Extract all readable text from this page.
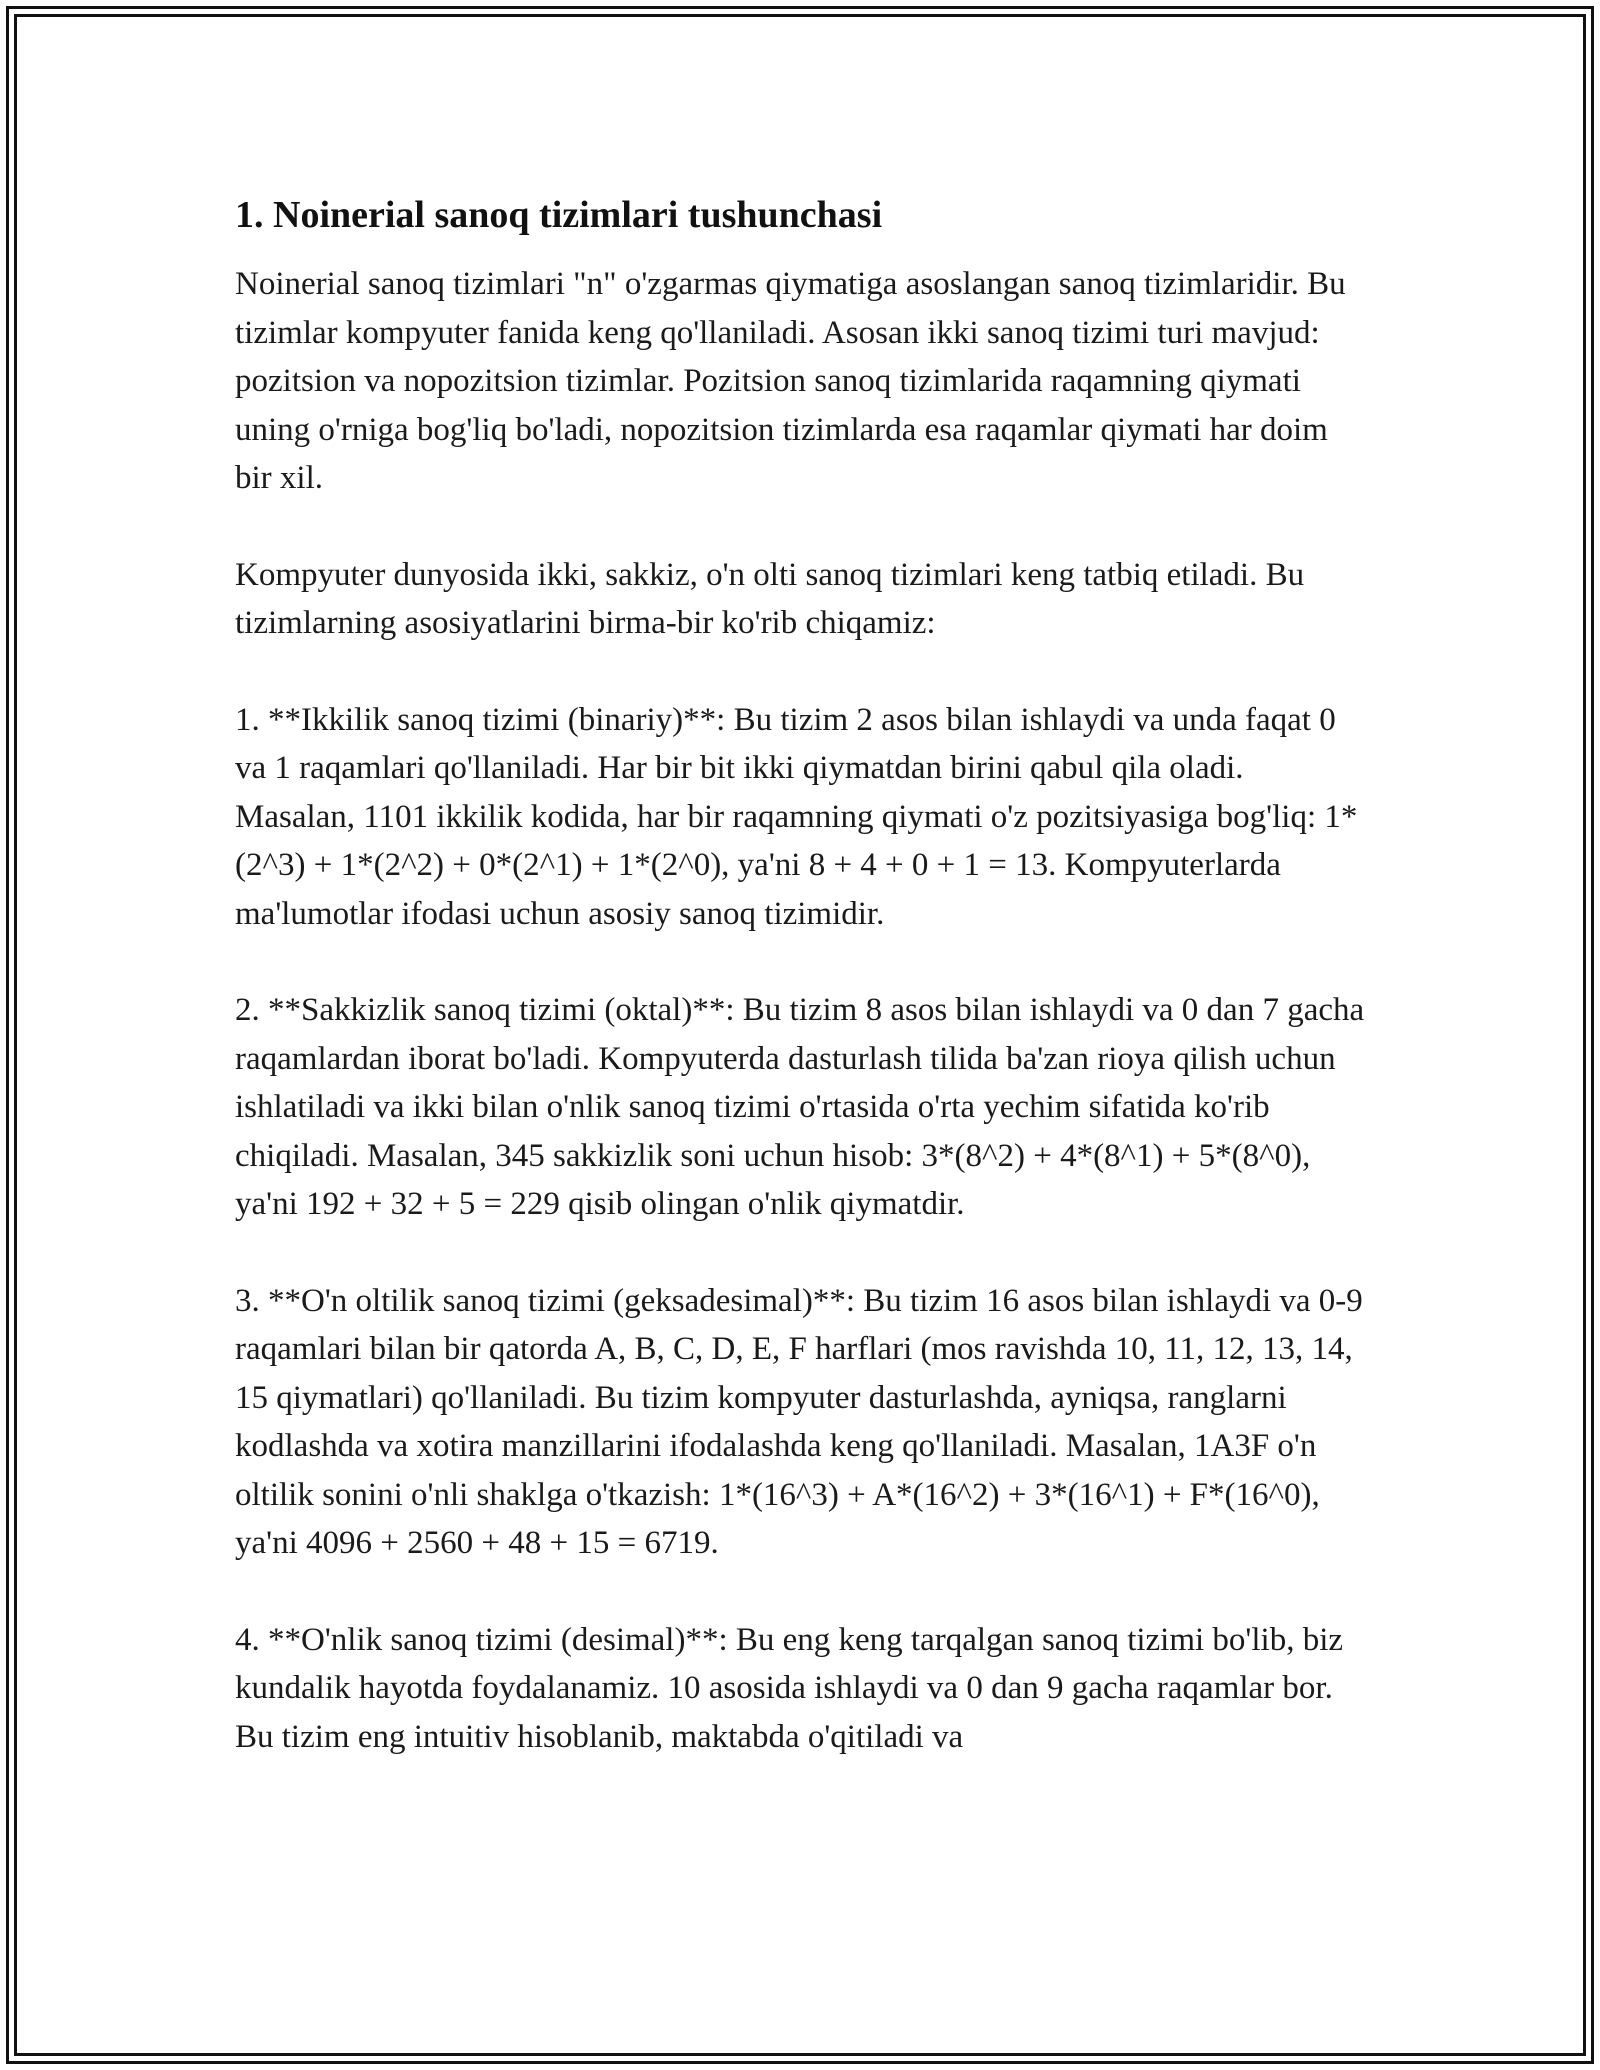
1. Noinerial sanoq tizimlari tushunchasi

Noinerial sanoq tizimlari "n" o'zgarmas qiymatiga asoslangan sanoq tizimlaridir. Bu tizimlar kompyuter fanida keng qo'llaniladi. Asosan ikki sanoq tizimi turi mavjud: pozitsion va nopozitsion tizimlar. Pozitsion sanoq tizimlarida raqamning qiymati uning o'rniga bog'liq bo'ladi, nopozitsion tizimlarda esa raqamlar qiymati har doim bir xil.

Kompyuter dunyosida ikki, sakkiz, o'n olti sanoq tizimlari keng tatbiq etiladi. Bu tizimlarning asosiyatlarini birma-bir ko'rib chiqamiz:

1. **Ikkilik sanoq tizimi (binariy)**: Bu tizim 2 asos bilan ishlaydi va unda faqat 0 va 1 raqamlari qo'llaniladi. Har bir bit ikki qiymatdan birini qabul qila oladi. Masalan, 1101 ikkilik kodida, har bir raqamning qiymati o'z pozitsiyasiga bog'liq: 1*(2^3) + 1*(2^2) + 0*(2^1) + 1*(2^0), ya'ni 8 + 4 + 0 + 1 = 13. Kompyuterlarda ma'lumotlar ifodasi uchun asosiy sanoq tizimidir.

2. **Sakkizlik sanoq tizimi (oktal)**: Bu tizim 8 asos bilan ishlaydi va 0 dan 7 gacha raqamlardan iborat bo'ladi. Kompyuterda dasturlash tilida ba'zan rioya qilish uchun ishlatiladi va ikki bilan o'nlik sanoq tizimi o'rtasida o'rta yechim sifatida ko'rib chiqiladi. Masalan, 345 sakkizlik soni uchun hisob: 3*(8^2) + 4*(8^1) + 5*(8^0), ya'ni 192 + 32 + 5 = 229 qisib olingan o'nlik qiymatdir.

3. **O'n oltilik sanoq tizimi (geksadesimal)**: Bu tizim 16 asos bilan ishlaydi va 0-9 raqamlari bilan bir qatorda A, B, C, D, E, F harflari (mos ravishda 10, 11, 12, 13, 14, 15 qiymatlari) qo'llaniladi. Bu tizim kompyuter dasturlashda, ayniqsa, ranglarni kodlashda va xotira manzillarini ifodalashda keng qo'llaniladi. Masalan, 1A3F o'n oltilik sonini o'nli shaklga o'tkazish: 1*(16^3) + A*(16^2) + 3*(16^1) + F*(16^0), ya'ni 4096 + 2560 + 48 + 15 = 6719.

4. **O'nlik sanoq tizimi (desimal)**: Bu eng keng tarqalgan sanoq tizimi bo'lib, biz kundalik hayotda foydalanamiz. 10 asosida ishlaydi va 0 dan 9 gacha raqamlar bor. Bu tizim eng intuitiv hisoblanib, maktabda o'qitiladi va
